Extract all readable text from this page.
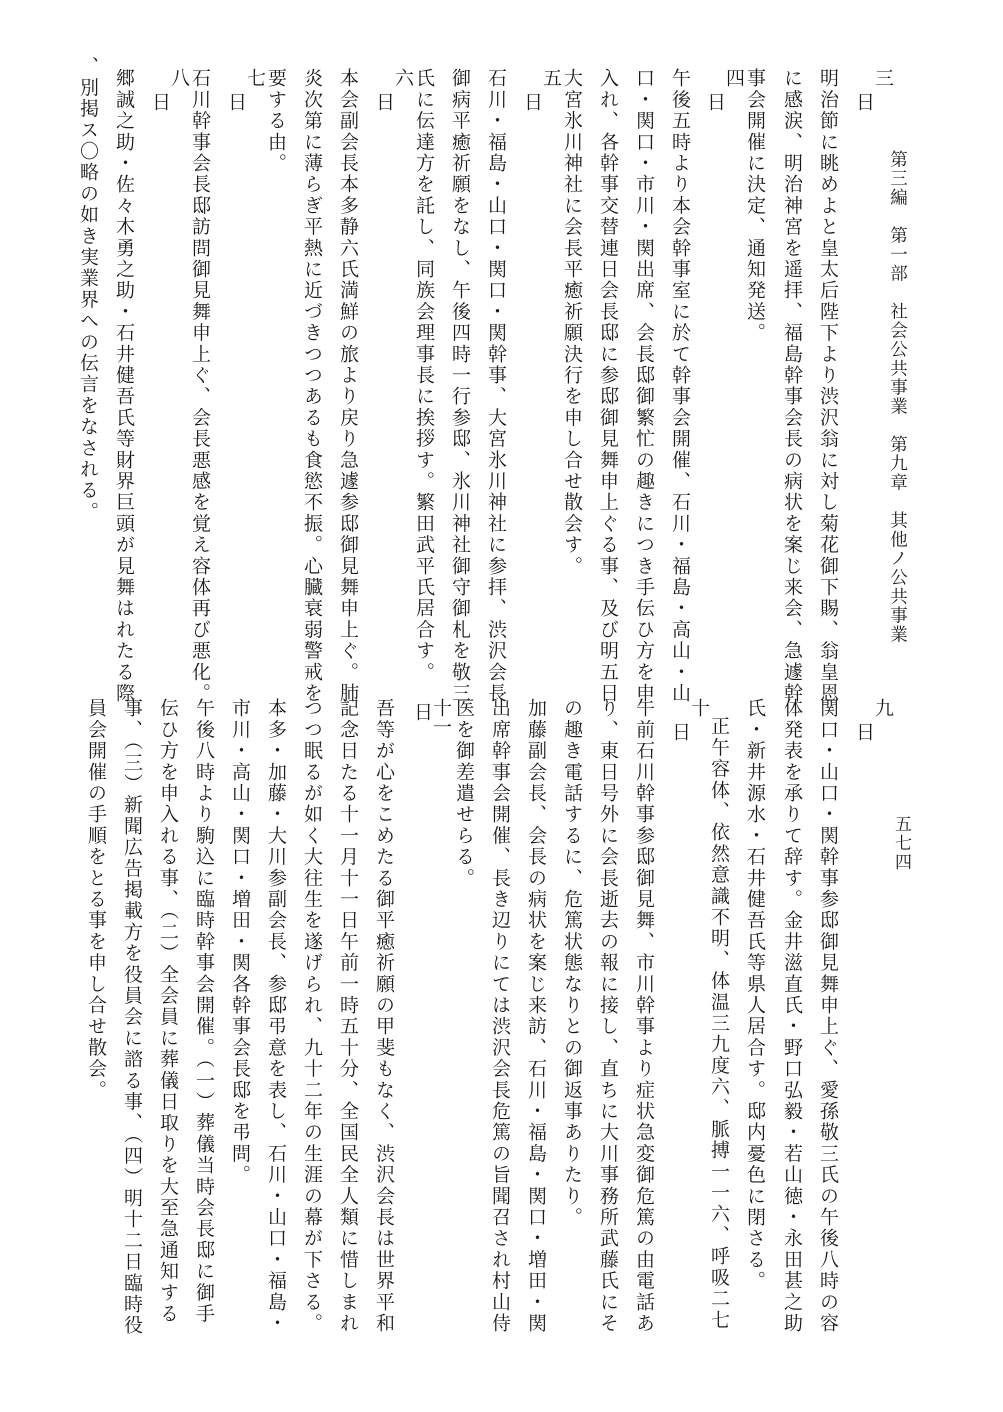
第三編　第一部　社会公共事業　第九章　其他ノ公共事業
五七四
三
日
明治節に眺めよと皇太后陛下より渋沢翁に対し菊花御下賜、翁皇恩
に感涙、明治神宮を遥拝、福島幹事会長の病状を案じ来会、急遽幹
事会開催に決定、通知発送。
四
日
午後五時より本会幹事室に於て幹事会開催、石川・福島・高山・山
口・関口・市川・関出席、会長邸御繁忙の趣きにつき手伝ひ方を申
入れ、各幹事交替連日会長邸に参邸御見舞申上ぐる事、及び明五日
大宮氷川神社に会長平癒祈願決行を申し合せ散会す。
五
日
石川・福島・山口・関口・関幹事、大宮氷川神社に参拝、渋沢会長
御病平癒祈願をなし、午後四時一行参邸、氷川神社御守御札を敬三
氏に伝達方を託し、同族会理事長に挨拶す。繁田武平氏居合す。
六
日
本会副会長本多静六氏満鮮の旅より戻り急遽参邸御見舞申上ぐ。肺
炎次第に薄らぎ平熱に近づきつつあるも食慾不振。心臓衰弱警戒を
要する由。
七
日
石川幹事会長邸訪問御見舞申上ぐ、会長悪感を覚え容体再び悪化。
八
日
郷誠之助・佐々木勇之助・石井健吾氏等財界巨頭が見舞はれたる際
、別掲ス〇略の如き実業界への伝言をなされる。
九
日
関口・山口・関幹事参邸御見舞申上ぐ、愛孫敬三氏の午後八時の容
体発表を承りて辞す。金井滋直氏・野口弘毅・若山徳・永田甚之助
氏・新井源水・石井健吾氏等県人居合す。邸内憂色に閉さる。
正午容体、依然意識不明、体温三九度六、脈搏一一六、呼吸二七
十
日
午前石川幹事参邸御見舞、市川幹事より症状急変御危篤の由電話あ
り、東日号外に会長逝去の報に接し、直ちに大川事務所武藤氏にそ
の趣き電話するに、危篤状態なりとの御返事ありたり。
加藤副会長、会長の病状を案じ来訪、石川・福島・関口・増田・関
出席幹事会開催、長き辺りにては渋沢会長危篤の旨聞召され村山侍
医を御差遣せらる。
十一
日
吾等が心をこめたる御平癒祈願の甲斐もなく、渋沢会長は世界平和
記念日たる十一月十一日午前一時五十分、全国民全人類に惜しまれ
つつ眠るが如く大往生を遂げられ、九十二年の生涯の幕が下さる。
本多・加藤・大川参副会長、参邸弔意を表し、石川・山口・福島・
市川・高山・関口・増田・関各幹事会長邸を弔問。
午後八時より駒込に臨時幹事会開催。（一）葬儀当時会長邸に御手
伝ひ方を申入れる事、（二）全会員に葬儀日取りを大至急通知する
事、（三）新聞広告掲載方を役員会に諮る事、（四）明十二日臨時役
員会開催の手順をとる事を申し合せ散会。
